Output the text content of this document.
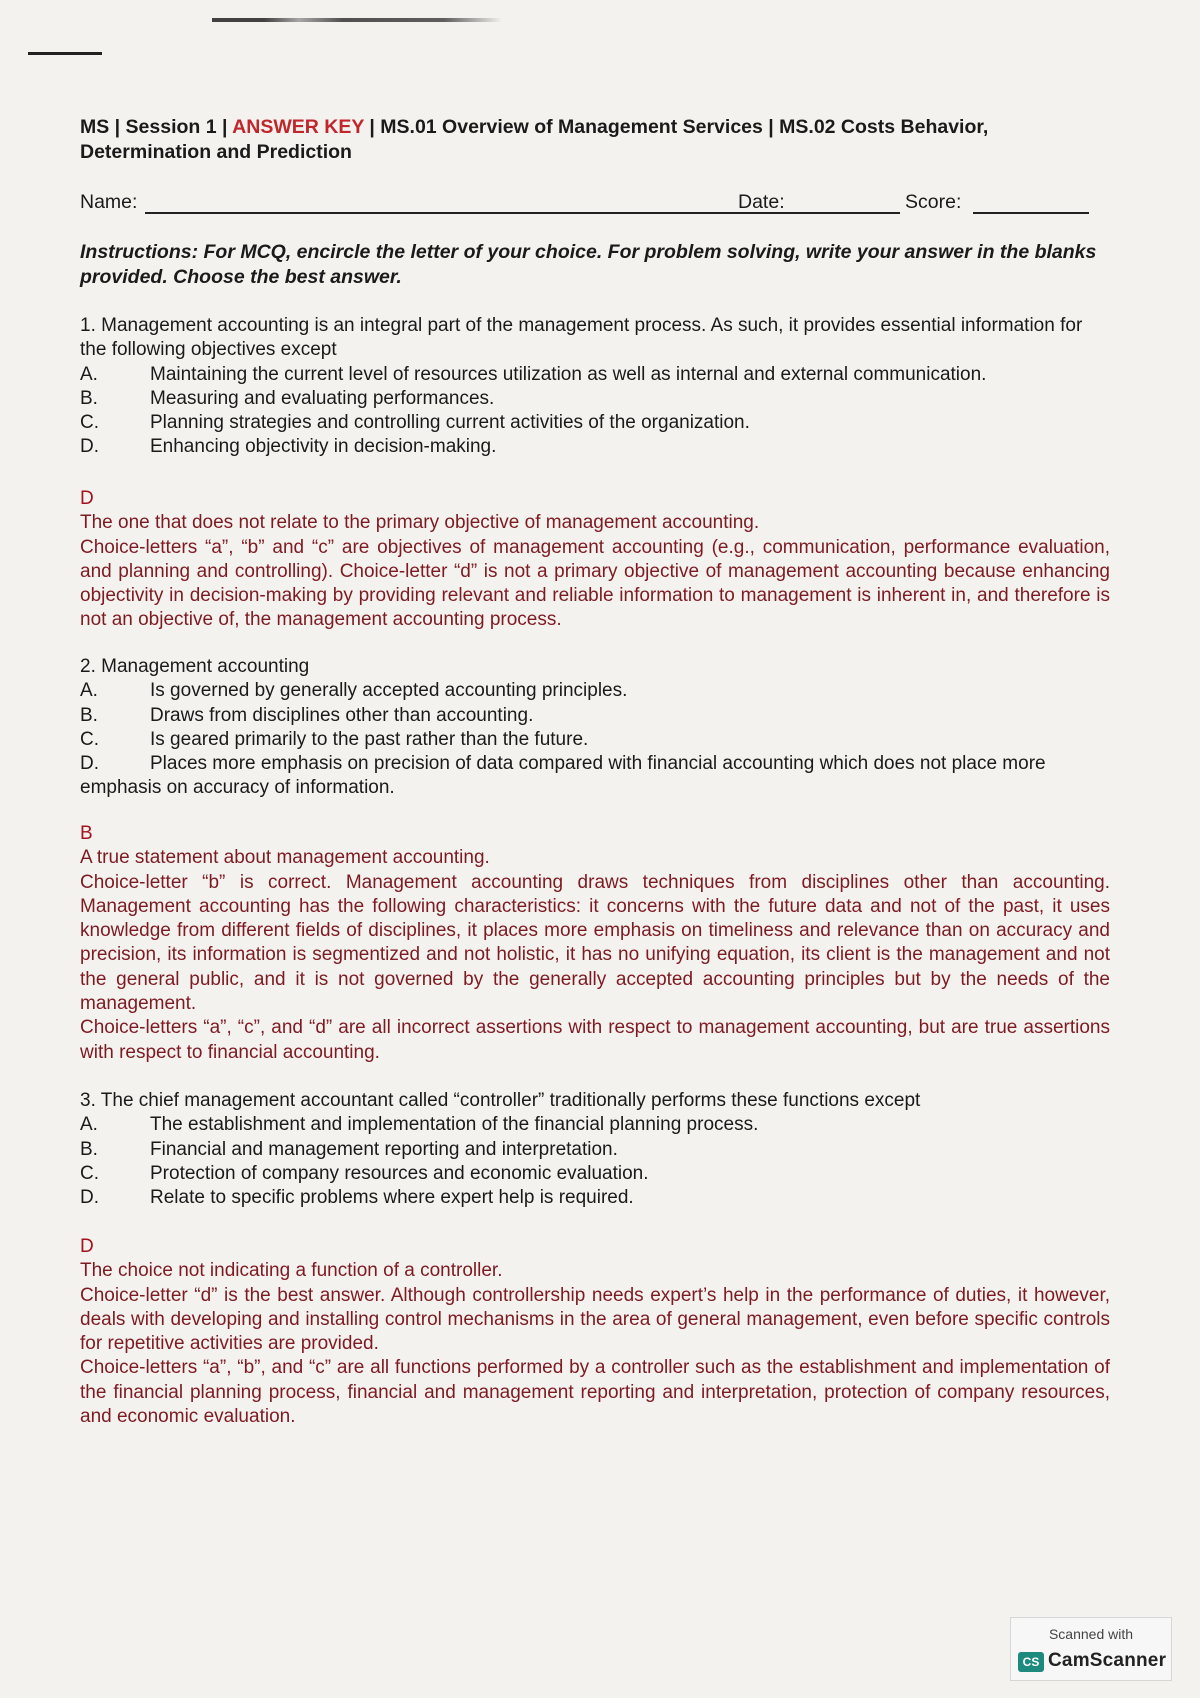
MS | Session 1 | ANSWER KEY | MS.01 Overview of Management Services | MS.02 Costs Behavior, Determination and Prediction
Name:	Date:	Score:
Instructions: For MCQ, encircle the letter of your choice. For problem solving, write your answer in the blanks provided. Choose the best answer.

1. Management accounting is an integral part of the management process. As such, it provides essential information for the following objectives except

A.	Maintaining the current level of resources utilization as well as internal and external communication.
B.	Measuring and evaluating performances.
C.	Planning strategies and controlling current activities of the organization.
D.	Enhancing objectivity in decision-making.

D

The one that does not relate to the primary objective of management accounting.

Choice-letters “a”, “b” and “c” are objectives of management accounting (e.g., communication, performance evaluation, and planning and controlling). Choice-letter “d” is not a primary objective of management accounting because enhancing objectivity in decision-making by providing relevant and reliable information to management is inherent in, and therefore is not an objective of, the management accounting process.

2. Management accounting

A.	Is governed by generally accepted accounting principles.
B.	Draws from disciplines other than accounting.
C.	Is geared primarily to the past rather than the future.

D.	Places more emphasis on precision of data compared with financial accounting which does not place more emphasis on accuracy of information.

B

A true statement about management accounting.

Choice-letter “b” is correct. Management accounting draws techniques from disciplines other than accounting. Management accounting has the following characteristics: it concerns with the future data and not of the past, it uses knowledge from different fields of disciplines, it places more emphasis on timeliness and relevance than on accuracy and precision, its information is segmentized and not holistic, it has no unifying equation, its client is the management and not the general public, and it is not governed by the generally accepted accounting principles but by the needs of the management.

Choice-letters “a”, “c”, and “d” are all incorrect assertions with respect to management accounting, but are true assertions with respect to financial accounting.

3. The chief management accountant called “controller” traditionally performs these functions except

A.	The establishment and implementation of the financial planning process.
B.	Financial and management reporting and interpretation.
C.	Protection of company resources and economic evaluation.
D.	Relate to specific problems where expert help is required.

D

The choice not indicating a function of a controller.

Choice-letter “d” is the best answer. Although controllership needs expert’s help in the performance of duties, it however, deals with developing and installing control mechanisms in the area of general management, even before specific controls for repetitive activities are provided.

Choice-letters “a”, “b”, and “c” are all functions performed by a controller such as the establishment and implementation of the financial planning process, financial and management reporting and interpretation, protection of company resources, and economic evaluation.

Scanned with
CS CamScanner
